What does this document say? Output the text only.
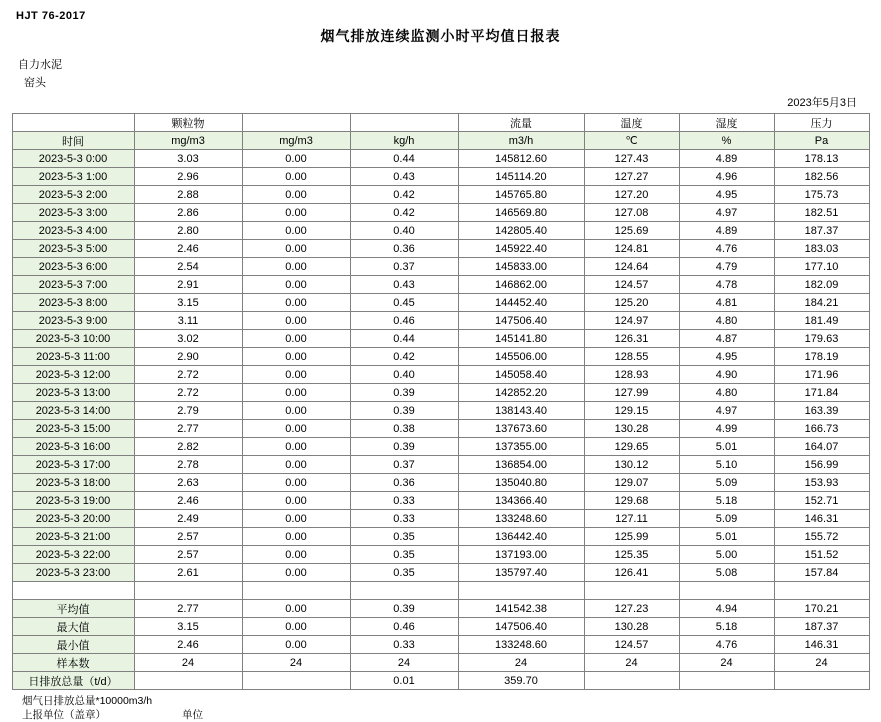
HJT 76-2017
烟气排放连续监测小时平均值日报表
自力水泥
窑头
2023年5月3日
	颗粒物			流量	温度	湿度	压力
时间	mg/m3	mg/m3	kg/h	m3/h	℃	%	Pa
2023-5-3 0:00	3.03	0.00	0.44	145812.60	127.43	4.89	178.13
2023-5-3 1:00	2.96	0.00	0.43	145114.20	127.27	4.96	182.56
2023-5-3 2:00	2.88	0.00	0.42	145765.80	127.20	4.95	175.73
2023-5-3 3:00	2.86	0.00	0.42	146569.80	127.08	4.97	182.51
2023-5-3 4:00	2.80	0.00	0.40	142805.40	125.69	4.89	187.37
2023-5-3 5:00	2.46	0.00	0.36	145922.40	124.81	4.76	183.03
2023-5-3 6:00	2.54	0.00	0.37	145833.00	124.64	4.79	177.10
2023-5-3 7:00	2.91	0.00	0.43	146862.00	124.57	4.78	182.09
2023-5-3 8:00	3.15	0.00	0.45	144452.40	125.20	4.81	184.21
2023-5-3 9:00	3.11	0.00	0.46	147506.40	124.97	4.80	181.49
2023-5-3 10:00	3.02	0.00	0.44	145141.80	126.31	4.87	179.63
2023-5-3 11:00	2.90	0.00	0.42	145506.00	128.55	4.95	178.19
2023-5-3 12:00	2.72	0.00	0.40	145058.40	128.93	4.90	171.96
2023-5-3 13:00	2.72	0.00	0.39	142852.20	127.99	4.80	171.84
2023-5-3 14:00	2.79	0.00	0.39	138143.40	129.15	4.97	163.39
2023-5-3 15:00	2.77	0.00	0.38	137673.60	130.28	4.99	166.73
2023-5-3 16:00	2.82	0.00	0.39	137355.00	129.65	5.01	164.07
2023-5-3 17:00	2.78	0.00	0.37	136854.00	130.12	5.10	156.99
2023-5-3 18:00	2.63	0.00	0.36	135040.80	129.07	5.09	153.93
2023-5-3 19:00	2.46	0.00	0.33	134366.40	129.68	5.18	152.71
2023-5-3 20:00	2.49	0.00	0.33	133248.60	127.11	5.09	146.31
2023-5-3 21:00	2.57	0.00	0.35	136442.40	125.99	5.01	155.72
2023-5-3 22:00	2.57	0.00	0.35	137193.00	125.35	5.00	151.52
2023-5-3 23:00	2.61	0.00	0.35	135797.40	126.41	5.08	157.84

平均值	2.77	0.00	0.39	141542.38	127.23	4.94	170.21
最大值	3.15	0.00	0.46	147506.40	130.28	5.18	187.37
最小值	2.46	0.00	0.33	133248.60	124.57	4.76	146.31
样本数	24	24	24	24	24	24	24
日排放总量（t/d）			0.01	359.70			
烟气日排放总量*10000m3/h
上报单位（盖章）	单位
